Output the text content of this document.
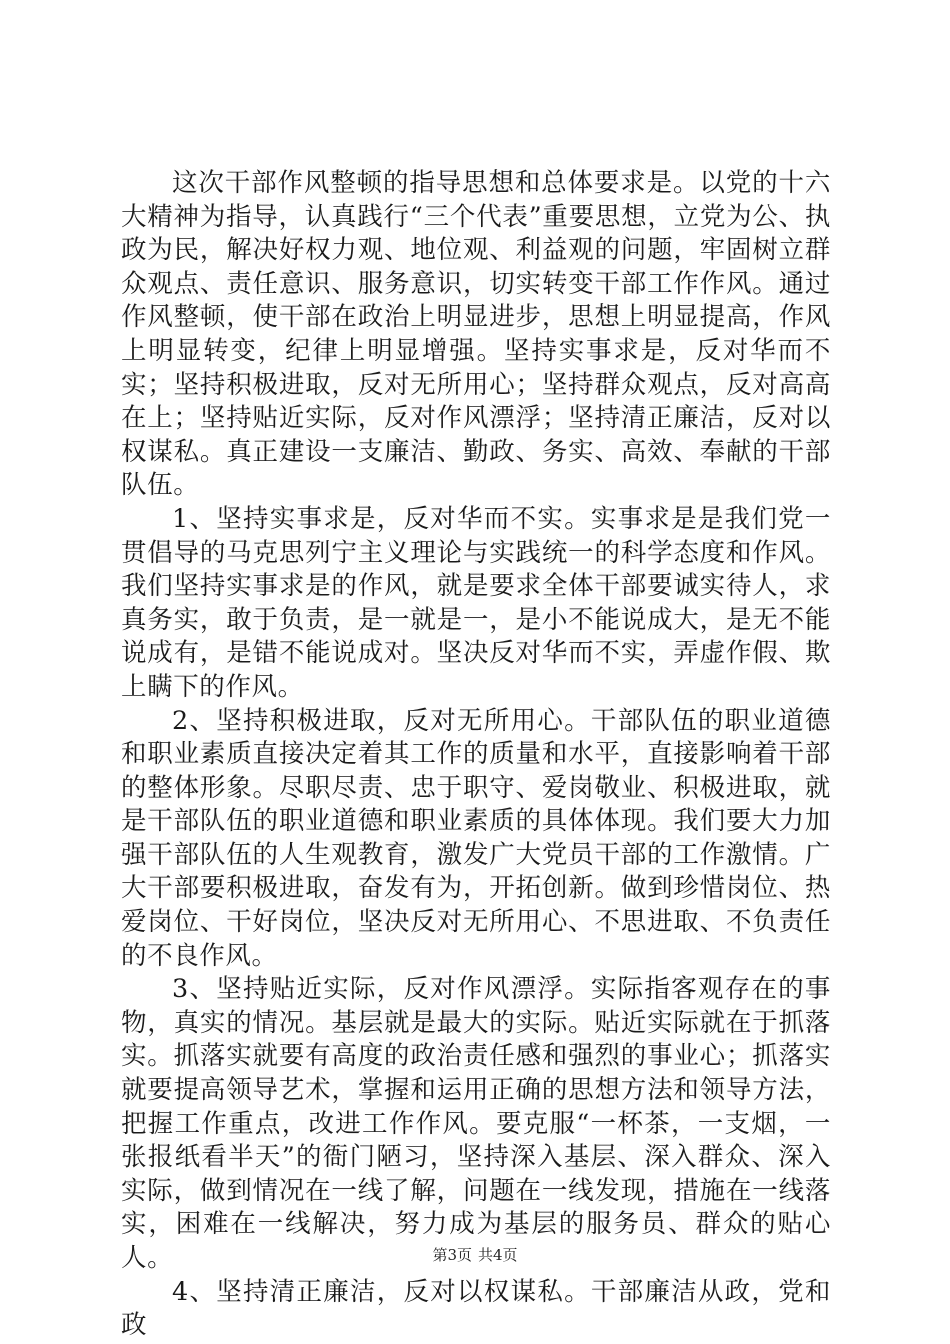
这次干部作风整顿的指导思想和总体要求是。以党的十六大精神为指导，认真践行“三个代表”重要思想，立党为公、执政为民，解决好权力观、地位观、利益观的问题，牢固树立群众观点、责任意识、服务意识，切实转变干部工作作风。通过作风整顿，使干部在政治上明显进步，思想上明显提高，作风上明显转变，纪律上明显增强。坚持实事求是，反对华而不实；坚持积极进取，反对无所用心；坚持群众观点，反对高高在上；坚持贴近实际，反对作风漂浮；坚持清正廉洁，反对以权谋私。真正建设一支廉洁、勤政、务实、高效、奉献的干部队伍。

1、坚持实事求是，反对华而不实。实事求是是我们党一贯倡导的马克思列宁主义理论与实践统一的科学态度和作风。我们坚持实事求是的作风，就是要求全体干部要诚实待人，求真务实，敢于负责，是一就是一，是小不能说成大，是无不能说成有，是错不能说成对。坚决反对华而不实，弄虚作假、欺上瞒下的作风。

2、坚持积极进取，反对无所用心。干部队伍的职业道德和职业素质直接决定着其工作的质量和水平，直接影响着干部的整体形象。尽职尽责、忠于职守、爱岗敬业、积极进取，就是干部队伍的职业道德和职业素质的具体体现。我们要大力加强干部队伍的人生观教育，激发广大党员干部的工作激情。广大干部要积极进取，奋发有为，开拓创新。做到珍惜岗位、热爱岗位、干好岗位，坚决反对无所用心、不思进取、不负责任的不良作风。

3、坚持贴近实际，反对作风漂浮。实际指客观存在的事物，真实的情况。基层就是最大的实际。贴近实际就在于抓落实。抓落实就要有高度的政治责任感和强烈的事业心；抓落实就要提高领导艺术，掌握和运用正确的思想方法和领导方法，把握工作重点，改进工作作风。要克服“一杯茶，一支烟，一张报纸看半天”的衙门陋习，坚持深入基层、深入群众、深入实际，做到情况在一线了解，问题在一线发现，措施在一线落实，困难在一线解决，努力成为基层的服务员、群众的贴心人。

4、坚持清正廉洁，反对以权谋私。干部廉洁从政，党和政

第3页 共4页
